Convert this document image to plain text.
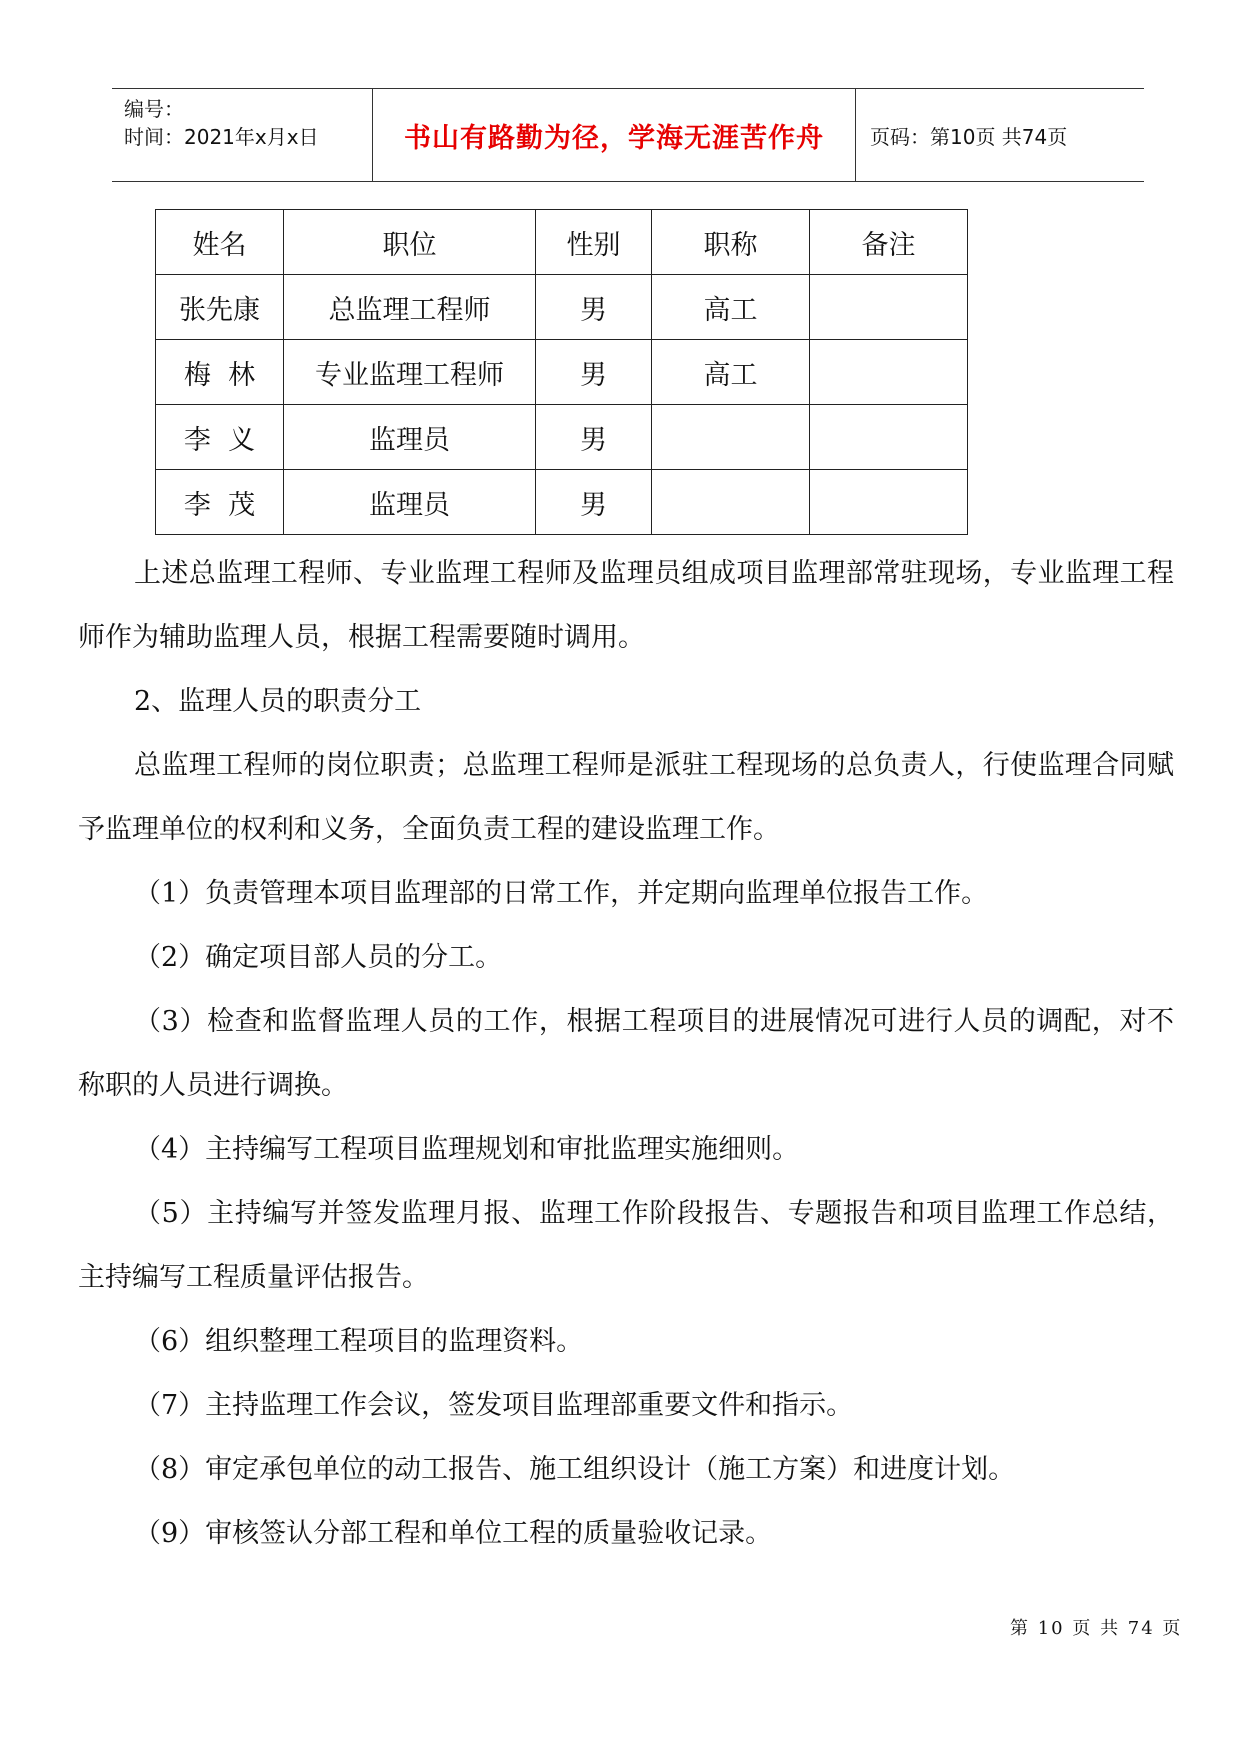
编号：
时间：2021年x月x日	书山有路勤为径，学海无涯苦作舟 页码：第10页 共74页
姓名	职位	性别	职称	备注
张先康	总监理工程师	男	高工	
梅  林	专业监理工程师	男	高工	
李  义	监理员	男		
李  茂	监理员	男		

上述总监理工程师、专业监理工程师及监理员组成项目监理部常驻现场，专业监理工程师作为辅助监理人员，根据工程需要随时调用。

2、监理人员的职责分工

总监理工程师的岗位职责；总监理工程师是派驻工程现场的总负责人，行使监理合同赋予监理单位的权利和义务，全面负责工程的建设监理工作。

（1）负责管理本项目监理部的日常工作，并定期向监理单位报告工作。

（2）确定项目部人员的分工。

（3）检查和监督监理人员的工作，根据工程项目的进展情况可进行人员的调配，对不称职的人员进行调换。

（4）主持编写工程项目监理规划和审批监理实施细则。

（5）主持编写并签发监理月报、监理工作阶段报告、专题报告和项目监理工作总结，主持编写工程质量评估报告。

（6）组织整理工程项目的监理资料。

（7）主持监理工作会议，签发项目监理部重要文件和指示。

（8）审定承包单位的动工报告、施工组织设计（施工方案）和进度计划。

（9）审核签认分部工程和单位工程的质量验收记录。

第 10 页 共 74 页
